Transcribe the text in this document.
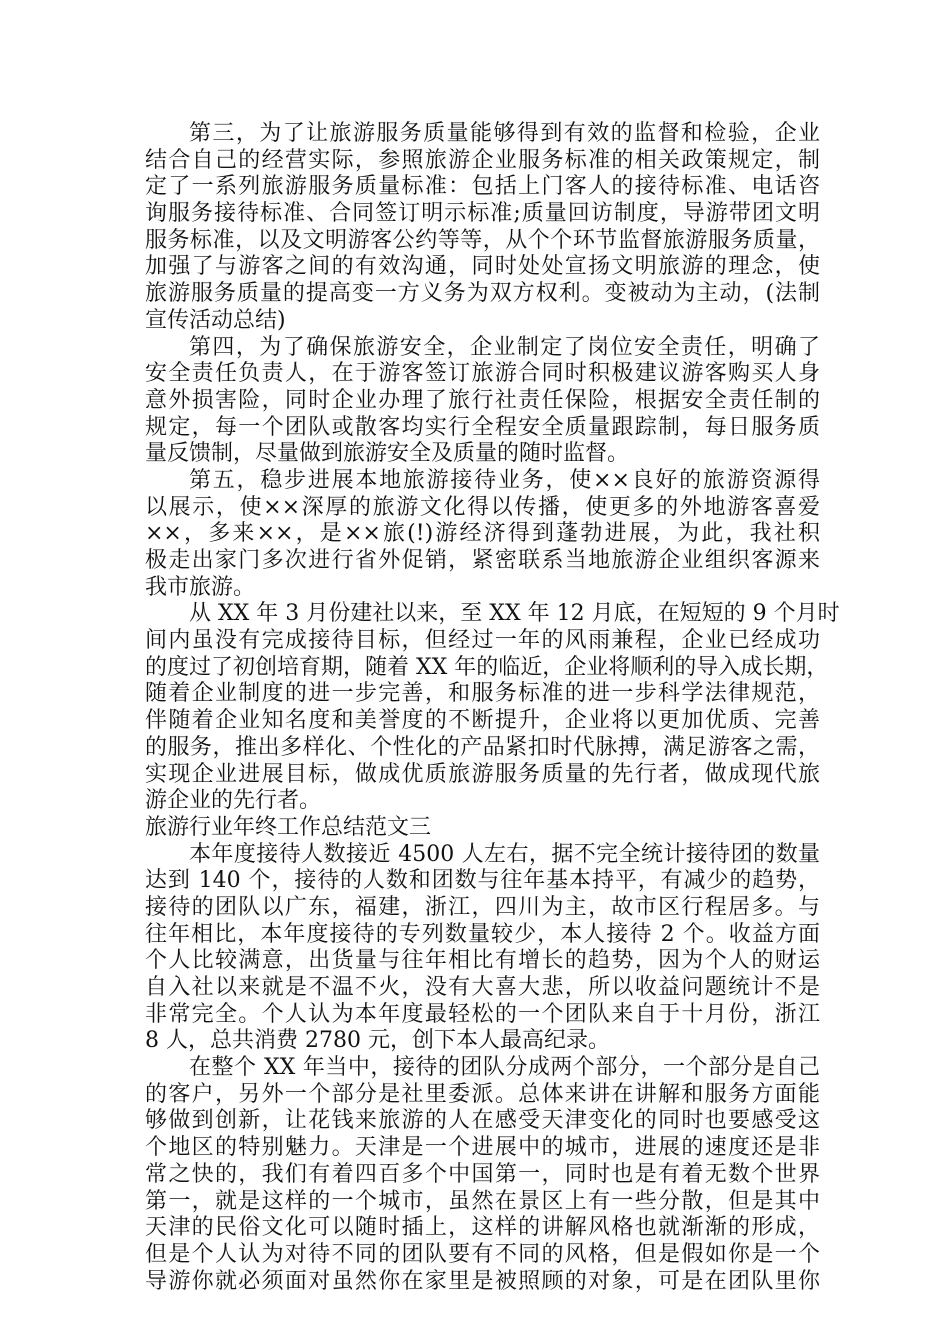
第三，为了让旅游服务质量能够得到有效的监督和检验，企业
结合自己的经营实际，参照旅游企业服务标准的相关政策规定，制
定了一系列旅游服务质量标准：包括上门客人的接待标准、电话咨
询服务接待标准、合同签订明示标准;质量回访制度，导游带团文明
服务标准，以及文明游客公约等等，从个个环节监督旅游服务质量，
加强了与游客之间的有效沟通，同时处处宣扬文明旅游的理念，使
旅游服务质量的提高变一方义务为双方权利。变被动为主动，(法制
宣传活动总结)
第四，为了确保旅游安全，企业制定了岗位安全责任，明确了
安全责任负责人，在于游客签订旅游合同时积极建议游客购买人身
意外损害险，同时企业办理了旅行社责任保险，根据安全责任制的
规定，每一个团队或散客均实行全程安全质量跟踪制，每日服务质
量反馈制，尽量做到旅游安全及质量的随时监督。
第五，稳步进展本地旅游接待业务，使××良好的旅游资源得
以展示，使××深厚的旅游文化得以传播，使更多的外地游客喜爱
××，多来××，是××旅(!)游经济得到蓬勃进展，为此，我社积
极走出家门多次进行省外促销，紧密联系当地旅游企业组织客源来
我市旅游。
从 XX 年 3 月份建社以来，至 XX 年 12 月底，在短短的 9 个月时
间内虽没有完成接待目标，但经过一年的风雨兼程，企业已经成功
的度过了初创培育期，随着 XX 年的临近，企业将顺利的导入成长期，
随着企业制度的进一步完善，和服务标准的进一步科学法律规范，
伴随着企业知名度和美誉度的不断提升，企业将以更加优质、完善
的服务，推出多样化、个性化的产品紧扣时代脉搏，满足游客之需，
实现企业进展目标，做成优质旅游服务质量的先行者，做成现代旅
游企业的先行者。
旅游行业年终工作总结范文三
本年度接待人数接近 4500 人左右，据不完全统计接待团的数量
达到 140 个，接待的人数和团数与往年基本持平，有减少的趋势，
接待的团队以广东，福建，浙江，四川为主，故市区行程居多。与
往年相比，本年度接待的专列数量较少，本人接待 2 个。收益方面
个人比较满意，出货量与往年相比有增长的趋势，因为个人的财运
自入社以来就是不温不火，没有大喜大悲，所以收益问题统计不是
非常完全。个人认为本年度最轻松的一个团队来自于十月份，浙江
8 人，总共消费 2780 元，创下本人最高纪录。
在整个 XX 年当中，接待的团队分成两个部分，一个部分是自己
的客户，另外一个部分是社里委派。总体来讲在讲解和服务方面能
够做到创新，让花钱来旅游的人在感受天津变化的同时也要感受这
个地区的特别魅力。天津是一个进展中的城市，进展的速度还是非
常之快的，我们有着四百多个中国第一，同时也是有着无数个世界
第一，就是这样的一个城市，虽然在景区上有一些分散，但是其中
天津的民俗文化可以随时插上，这样的讲解风格也就渐渐的形成，
但是个人认为对待不同的团队要有不同的风格，但是假如你是一个
导游你就必须面对虽然你在家里是被照顾的对象，可是在团队里你
